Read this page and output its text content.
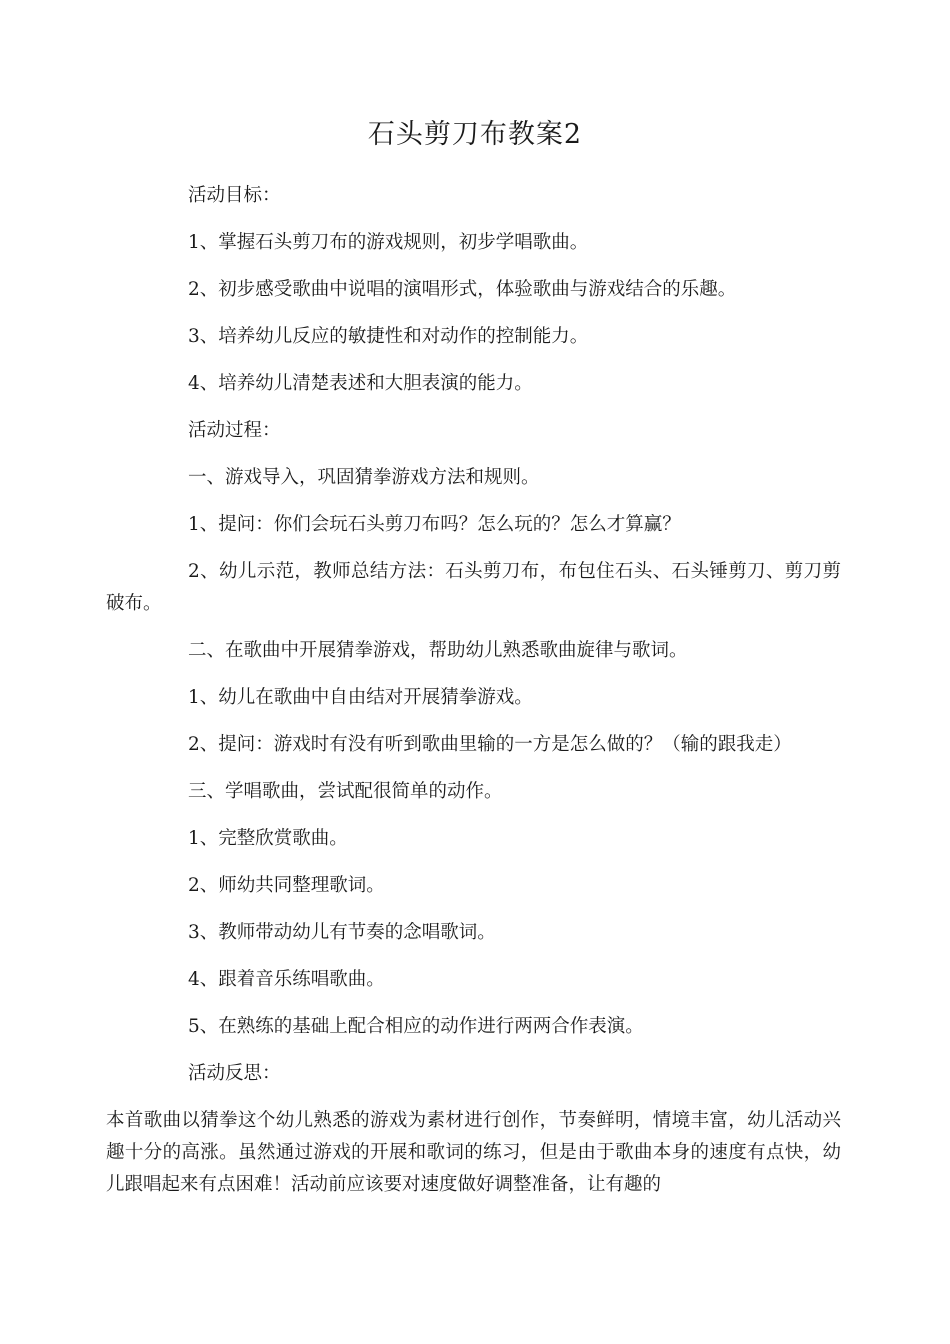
石头剪刀布教案2

活动目标：

1、掌握石头剪刀布的游戏规则，初步学唱歌曲。

2、初步感受歌曲中说唱的演唱形式，体验歌曲与游戏结合的乐趣。

3、培养幼儿反应的敏捷性和对动作的控制能力。

4、培养幼儿清楚表述和大胆表演的能力。

活动过程：

一、游戏导入，巩固猜拳游戏方法和规则。

1、提问：你们会玩石头剪刀布吗？怎么玩的？怎么才算赢？

2、幼儿示范，教师总结方法：石头剪刀布，布包住石头、石头锤剪刀、剪刀剪破布。

二、在歌曲中开展猜拳游戏，帮助幼儿熟悉歌曲旋律与歌词。

1、幼儿在歌曲中自由结对开展猜拳游戏。

2、提问：游戏时有没有听到歌曲里输的一方是怎么做的？（输的跟我走）

三、学唱歌曲，尝试配很简单的动作。

1、完整欣赏歌曲。

2、师幼共同整理歌词。

3、教师带动幼儿有节奏的念唱歌词。

4、跟着音乐练唱歌曲。

5、在熟练的基础上配合相应的动作进行两两合作表演。

活动反思：

本首歌曲以猜拳这个幼儿熟悉的游戏为素材进行创作，节奏鲜明，情境丰富，幼儿活动兴趣十分的高涨。虽然通过游戏的开展和歌词的练习，但是由于歌曲本身的速度有点快，幼儿跟唱起来有点困难！活动前应该要对速度做好调整准备，让有趣的
